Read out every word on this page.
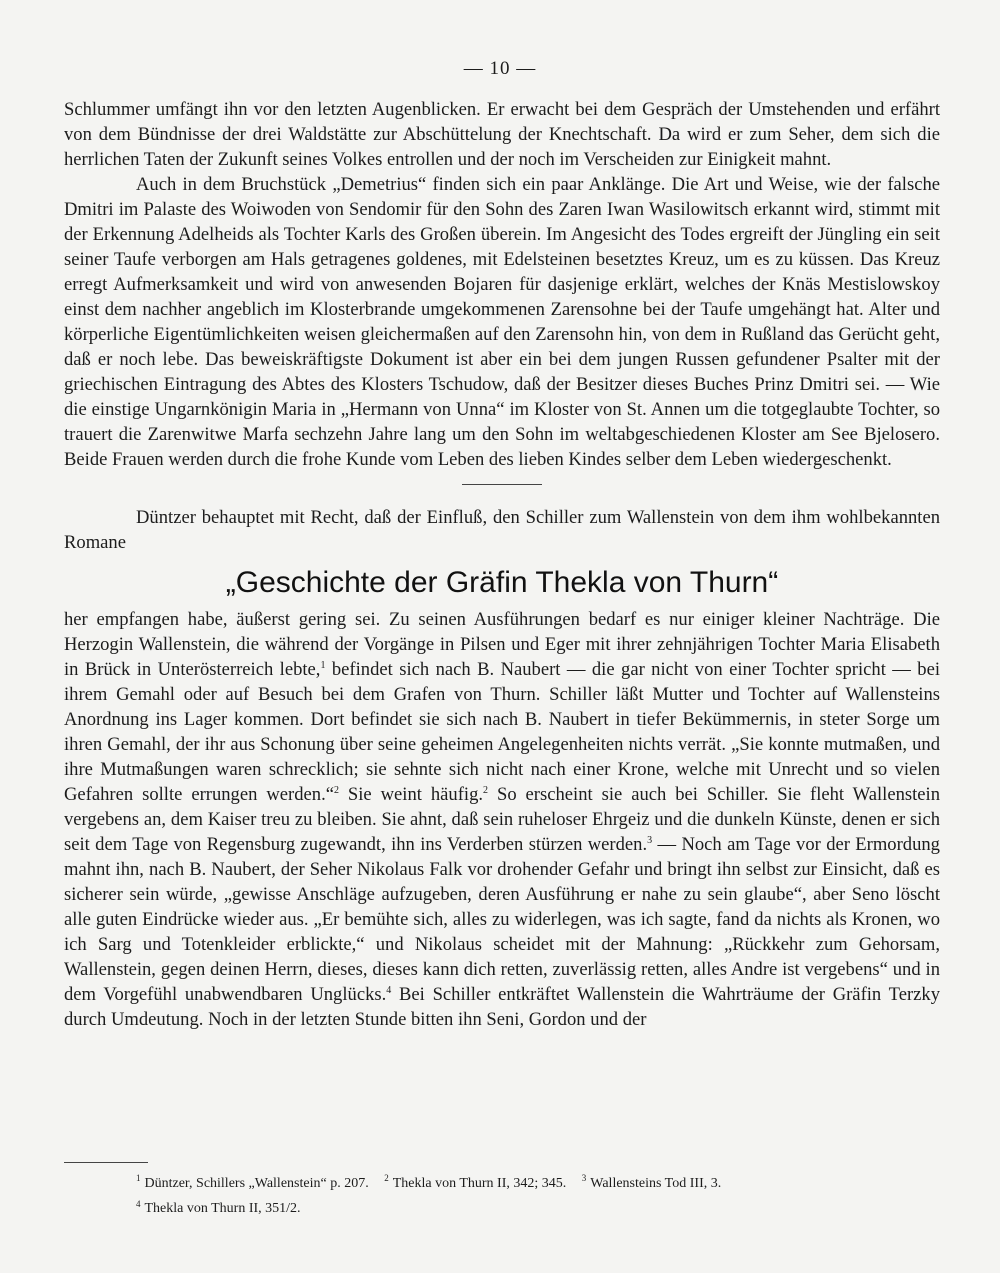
— 10 —

Schlummer umfängt ihn vor den letzten Augenblicken. Er erwacht bei dem Gespräch der Umstehenden und erfährt von dem Bündnisse der drei Waldstätte zur Abschüttelung der Knechtschaft. Da wird er zum Seher, dem sich die herrlichen Taten der Zukunft seines Volkes entrollen und der noch im Verscheiden zur Einigkeit mahnt.

Auch in dem Bruchstück „Demetrius“ finden sich ein paar Anklänge. Die Art und Weise, wie der falsche Dmitri im Palaste des Woiwoden von Sendomir für den Sohn des Zaren Iwan Wasilowitsch erkannt wird, stimmt mit der Erkennung Adelheids als Tochter Karls des Großen überein. Im Angesicht des Todes ergreift der Jüngling ein seit seiner Taufe verborgen am Hals getragenes goldenes, mit Edelsteinen besetztes Kreuz, um es zu küssen. Das Kreuz erregt Aufmerksamkeit und wird von anwesenden Bojaren für dasjenige erklärt, welches der Knäs Mestislowskoy einst dem nachher angeblich im Klosterbrande umgekommenen Zarensohne bei der Taufe umgehängt hat. Alter und körperliche Eigentümlichkeiten weisen gleichermaßen auf den Zarensohn hin, von dem in Rußland das Gerücht geht, daß er noch lebe. Das beweiskräftigste Dokument ist aber ein bei dem jungen Russen gefundener Psalter mit der griechischen Eintragung des Abtes des Klosters Tschudow, daß der Besitzer dieses Buches Prinz Dmitri sei. — Wie die einstige Ungarnkönigin Maria in „Hermann von Unna“ im Kloster von St. Annen um die totgeglaubte Tochter, so trauert die Zarenwitwe Marfa sechzehn Jahre lang um den Sohn im weltabgeschiedenen Kloster am See Bjelosero. Beide Frauen werden durch die frohe Kunde vom Leben des lieben Kindes selber dem Leben wiedergeschenkt.

Düntzer behauptet mit Recht, daß der Einfluß, den Schiller zum Wallenstein von dem ihm wohlbekannten Romane

„Geschichte der Gräfin Thekla von Thurn“

her empfangen habe, äußerst gering sei. Zu seinen Ausführungen bedarf es nur einiger kleiner Nachträge. Die Herzogin Wallenstein, die während der Vorgänge in Pilsen und Eger mit ihrer zehnjährigen Tochter Maria Elisabeth in Brück in Unterösterreich lebte,$^1$ befindet sich nach B. Naubert — die gar nicht von einer Tochter spricht — bei ihrem Gemahl oder auf Besuch bei dem Grafen von Thurn. Schiller läßt Mutter und Tochter auf Wallensteins Anordnung ins Lager kommen. Dort befindet sie sich nach B. Naubert in tiefer Bekümmernis, in steter Sorge um ihren Gemahl, der ihr aus Schonung über seine geheimen Angelegenheiten nichts verrät. „Sie konnte mutmaßen, und ihre Mutmaßungen waren schrecklich; sie sehnte sich nicht nach einer Krone, welche mit Unrecht und so vielen Gefahren sollte errungen werden.“$^2$ Sie weint häufig.$^2$ So erscheint sie auch bei Schiller. Sie fleht Wallenstein vergebens an, dem Kaiser treu zu bleiben. Sie ahnt, daß sein ruheloser Ehrgeiz und die dunkeln Künste, denen er sich seit dem Tage von Regensburg zugewandt, ihn ins Verderben stürzen werden.$^3$ — Noch am Tage vor der Ermordung mahnt ihn, nach B. Naubert, der Seher Nikolaus Falk vor drohender Gefahr und bringt ihn selbst zur Einsicht, daß es sicherer sein würde, „gewisse Anschläge aufzugeben, deren Ausführung er nahe zu sein glaube“, aber Seno löscht alle guten Eindrücke wieder aus. „Er bemühte sich, alles zu widerlegen, was ich sagte, fand da nichts als Kronen, wo ich Sarg und Totenkleider erblickte,“ und Nikolaus scheidet mit der Mahnung: „Rückkehr zum Gehorsam, Wallenstein, gegen deinen Herrn, dieses, dieses kann dich retten, zuverlässig retten, alles Andre ist vergebens“ und in dem Vorgefühl unabwendbaren Unglücks.$^4$ Bei Schiller entkräftet Wallenstein die Wahrträume der Gräfin Terzky durch Umdeutung. Noch in der letzten Stunde bitten ihn Seni, Gordon und der

$^1$ Düntzer, Schillers „Wallenstein“ p. 207. $^2$ Thekla von Thurn II, 342; 345. $^3$ Wallensteins Tod III, 3.

$^4$ Thekla von Thurn II, 351/2.
